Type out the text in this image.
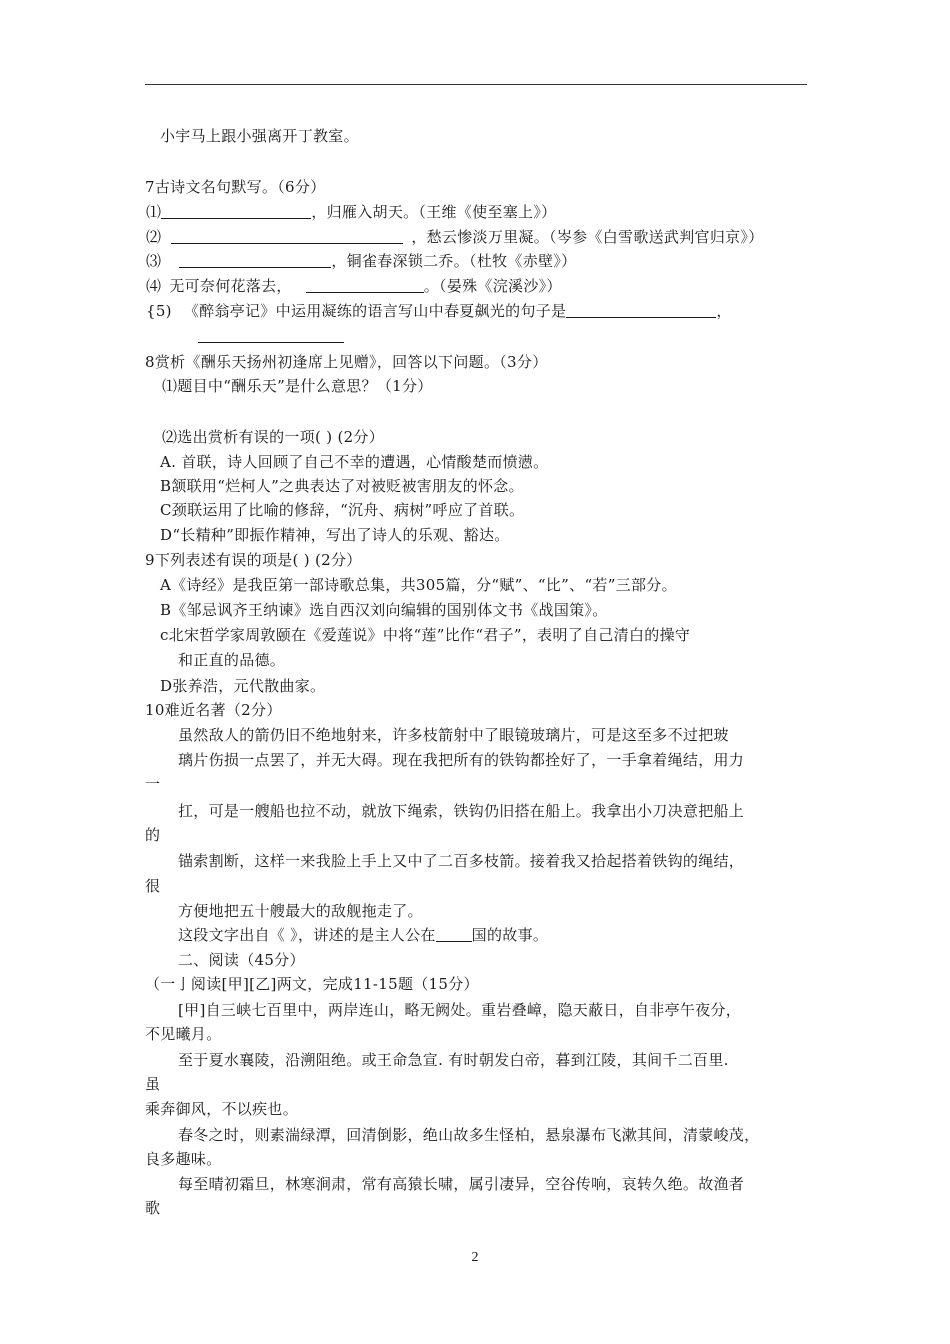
小宇马上跟小强离开丁教室。
7古诗文名句默写。（6分）
⑴	，归雁入胡天。（王维《使至塞上》）
⑵	，愁云惨淡万里凝。（岑参《白雪歌送武判官归京》）
⑶	，铜雀春深锁二乔。（杜牧《赤壁》）
⑷ 无可奈何花落去，	。（晏殊《浣溪沙》）
{5) 《醉翁亭记》中运用凝练的语言写山中春夏飙光的句子是	，
8赏析《酬乐天扬州初逢席上见赠》，回答以下问题。（3分）
⑴题目中“酬乐天”是什么意思？（1分）
⑵选出赏析有误的一项( ) (2分）
A. 首联，诗人回顾了自己不幸的遭遇，心情酸楚而愤懑。
B颔联用“烂柯人”之典表达了对被贬被害朋友的怀念。
C颈联运用了比喻的修辞，“沉舟、病树”呼应了首联。
D“长精种”即振作精神，写出了诗人的乐观、豁达。
9下列表述有误的项是( ) (2分）
A《诗经》是我臣第一部诗歌总集，共305篇，分“赋”、“比”、“若”三部分。
B《邹忌讽齐王纳谏》选自西汉刘向编辑的国别体文书《战国策》。
c北宋哲学家周敦颐在《爱莲说》中将“莲”比作“君子”，表明了自己清白的操守
和正直的品德。
D张养浩，元代散曲家。
10难近名著（2分）
虽然敌人的箭仍旧不绝地射来，许多枝箭射中了眼镜玻璃片，可是这至多不过把玻
璃片伤损一点罢了，并无大碍。现在我把所有的铁钩都拴好了，一手拿着绳结，用力
一
扛，可是一艘船也拉不动，就放下绳索，铁钩仍旧搭在船上。我拿出小刀决意把船上
的
锚索割断，这样一来我脸上手上又中了二百多枝箭。接着我又拾起搭着铁钩的绳结，
很
方便地把五十艘最大的敌舰拖走了。
这段文字出自《 》，讲述的是主人公在 国的故事。
二、阅读（45分）
（一亅阅读[甲][乙]两文，完成11-15题（15分）
[甲]自三峡七百里中，两岸连山，略无阙处。重岩叠嶂，隐天蔽日，自非亭午夜分，
不见曦月。
至于夏水襄陵，沿溯阻绝。或王命急宣. 有时朝发白帝，暮到江陵，其间千二百里.
虽
乘奔御风，不以疾也。
春冬之时，则素湍绿潭，回清倒影，绝山故多生怪柏，悬泉瀑布飞漱其间，清蒙峻茂，
良多趣味。
每至晴初霜旦，林寒涧肃，常有高猿长啸，属引凄异，空谷传响，哀转久绝。故渔者
歌
2
